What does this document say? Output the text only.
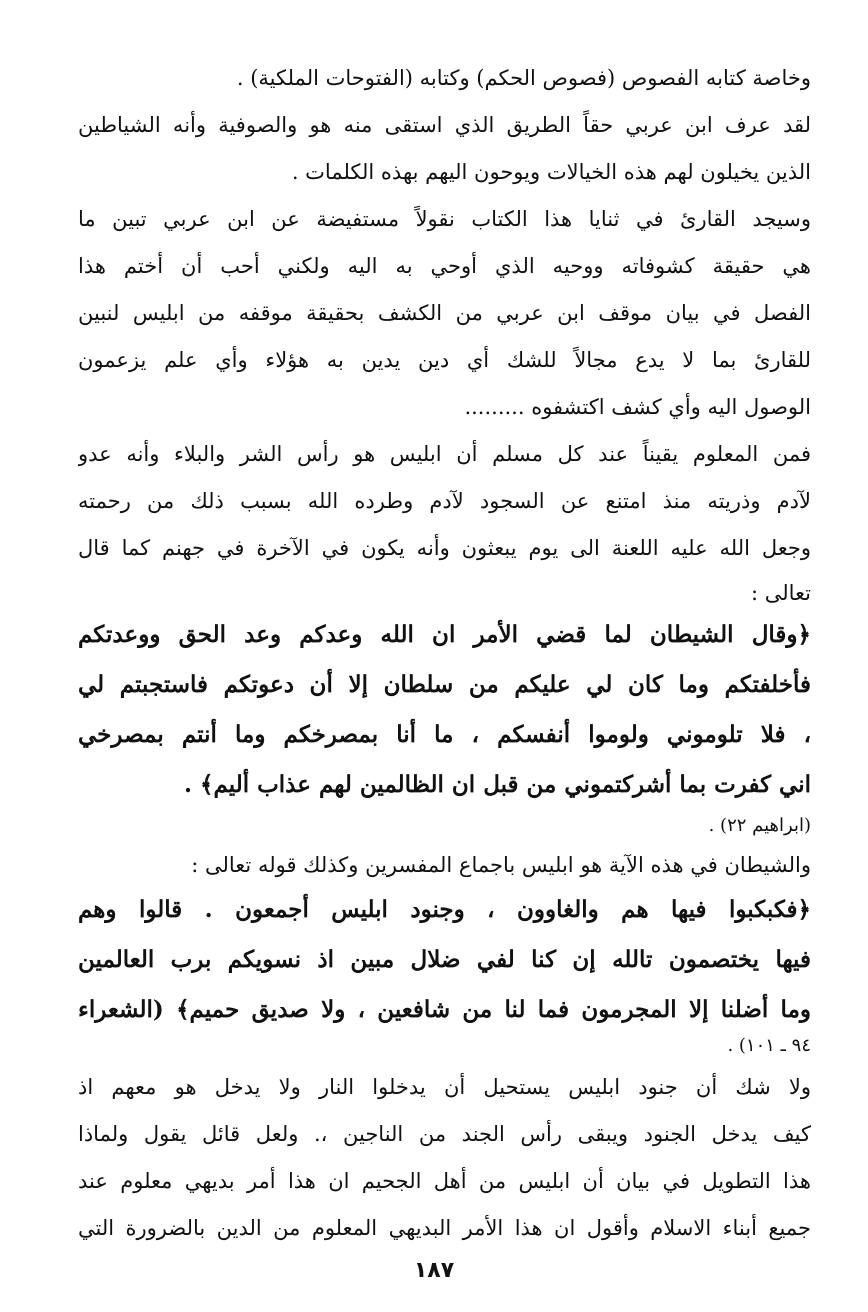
وخاصة كتابه الفصوص (فصوص الحكم) وكتابه (الفتوحات الملكية) .
لقد عرف ابن عربي حقاً الطريق الذي استقى منه هو والصوفية وأنه الشياطين
الذين يخيلون لهم هذه الخيالات ويوحون اليهم بهذه الكلمات .
وسيجد القارئ في ثنايا هذا الكتاب نقولاً مستفيضة عن ابن عربي تبين ما
هي حقيقة كشوفاته ووحيه الذي أوحي به اليه ولكني أحب أن أختم هذا
الفصل في بيان موقف ابن عربي من الكشف بحقيقة موقفه من ابليس لنبين
للقارئ بما لا يدع مجالاً للشك أي دين يدين به هؤلاء وأي علم يزعمون
الوصول اليه وأي كشف اكتشفوه .........
فمن المعلوم يقيناً عند كل مسلم أن ابليس هو رأس الشر والبلاء وأنه عدو
لآدم وذريته منذ امتنع عن السجود لآدم وطرده الله بسبب ذلك من رحمته
وجعل الله عليه اللعنة الى يوم يبعثون وأنه يكون في الآخرة في جهنم كما قال
تعالى :
﴿وقال الشيطان لما قضي الأمر ان الله وعدكم وعد الحق ووعدتكم
فأخلفتكم وما كان لي عليكم من سلطان إلا أن دعوتكم فاستجبتم لي
، فلا تلوموني ولوموا أنفسكم ، ما أنا بمصرخكم وما أنتم بمصرخي
اني كفرت بما أشركتموني من قبل ان الظالمين لهم عذاب أليم﴾ .
(ابراهيم ٢٢) .
والشيطان في هذه الآية هو ابليس باجماع المفسرين وكذلك قوله تعالى :
﴿فكبكبوا فيها هم والغاوون ، وجنود ابليس أجمعون . قالوا وهم
فيها يختصمون تالله إن كنا لفي ضلال مبين اذ نسويكم برب العالمين
وما أضلنا إلا المجرمون فما لنا من شافعين ، ولا صديق حميم﴾ (الشعراء
٩٤ ـ ١٠١) .
ولا شك أن جنود ابليس يستحيل أن يدخلوا النار ولا يدخل هو معهم اذ
كيف يدخل الجنود ويبقى رأس الجند من الناجين ،. ولعل قائل يقول ولماذا
هذا التطويل في بيان أن ابليس من أهل الجحيم ان هذا أمر بديهي معلوم عند
جميع أبناء الاسلام وأقول ان هذا الأمر البديهي المعلوم من الدين بالضرورة التي
١٨٧
